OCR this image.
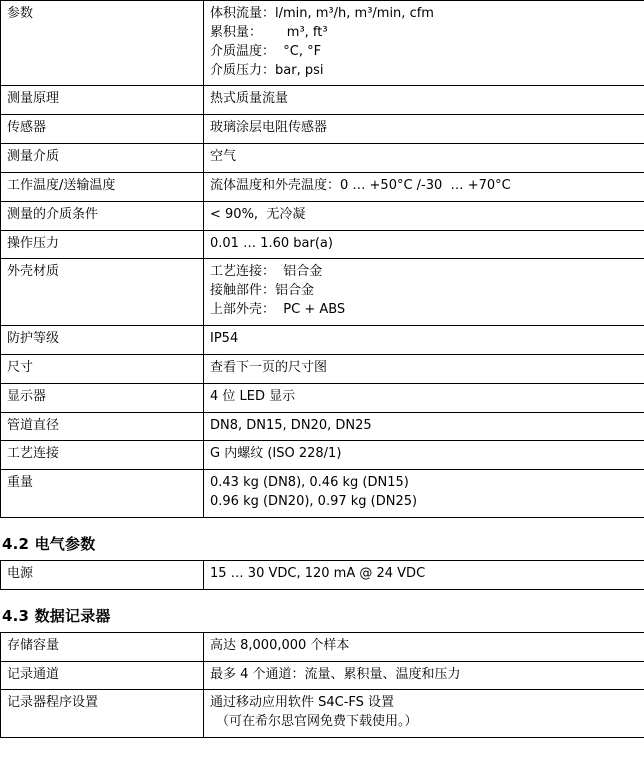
参数	体积流量：l/min, m³/h, m³/min, cfm
累积量：      m³, ft³
介质温度：  °C, °F
介质压力：bar, psi

测量原理	热式质量流量

传感器	玻璃涂层电阻传感器

测量介质	空气

工作温度/送输温度	流体温度和外壳温度：0 … +50°C /-30  … +70°C

测量的介质条件	< 90%,  无冷凝

操作压力	0.01 … 1.60 bar(a)

外壳材质	工艺连接：  铝合金
接触部件：铝合金
上部外壳：  PC + ABS

防护等级	IP54

尺寸	查看下一页的尺寸图

显示器	4 位 LED 显示

管道直径	DN8, DN15, DN20, DN25

工艺连接	G 内螺纹 (ISO 228/1)

重量	0.43 kg (DN8), 0.46 kg (DN15)
0.96 kg (DN20), 0.97 kg (DN25)
4.2 电气参数
电源	15 … 30 VDC, 120 mA @ 24 VDC
4.3 数据记录器
存储容量	高达 8,000,000 个样本

记录通道	最多 4 个通道：流量、累积量、温度和压力

记录器程序设置	通过移动应用软件 S4C-FS 设置
（可在希尔思官网免费下载使用。）
